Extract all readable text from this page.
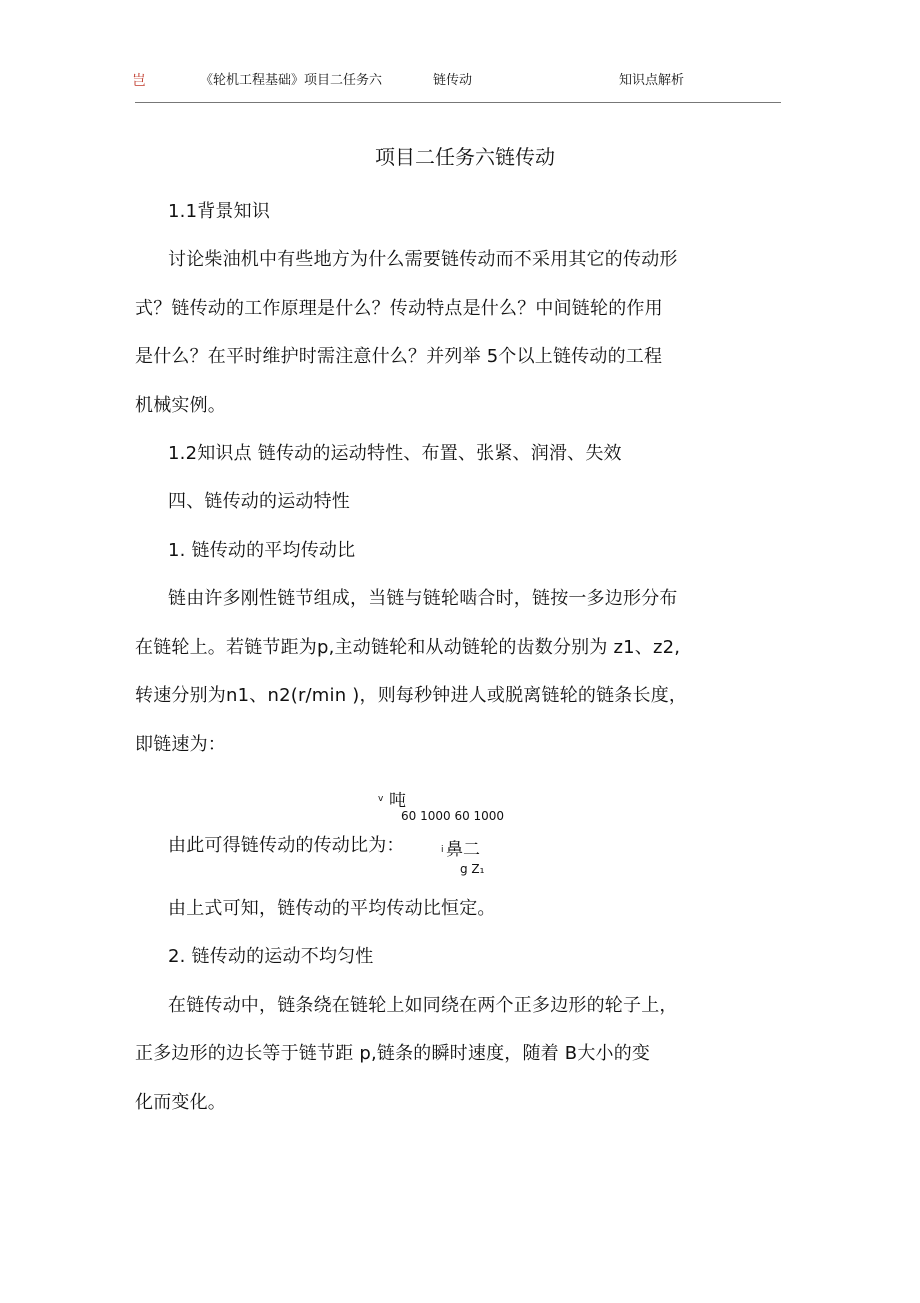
岂	《轮机工程基础》项目二任务六	链传动	知识点解析
项目二任务六链传动
1.1背景知识
讨论柴油机中有些地方为什么需要链传动而不采用其它的传动形
式？链传动的工作原理是什么？传动特点是什么？中间链轮的作用
是什么？在平时维护时需注意什么？并列举 5个以上链传动的工程
机械实例。
1.2知识点 链传动的运动特性、布置、张紧、润滑、失效
四、链传动的运动特性
1. 链传动的平均传动比
链由许多刚性链节组成，当链与链轮啮合时，链按一多边形分布
在链轮上。若链节距为p,主动链轮和从动链轮的齿数分别为 z1、z2,
转速分别为n1、n2(r/min )，则每秒钟进人或脱离链轮的链条长度，
即链速为：
v 吨
60 1000 60 1000
由此可得链传动的传动比为：	i 鼻二
g Z₁
由上式可知，链传动的平均传动比恒定。
2. 链传动的运动不均匀性
在链传动中，链条绕在链轮上如同绕在两个正多边形的轮子上，
正多边形的边长等于链节距 p,链条的瞬时速度，随着 B大小的变
化而变化。
